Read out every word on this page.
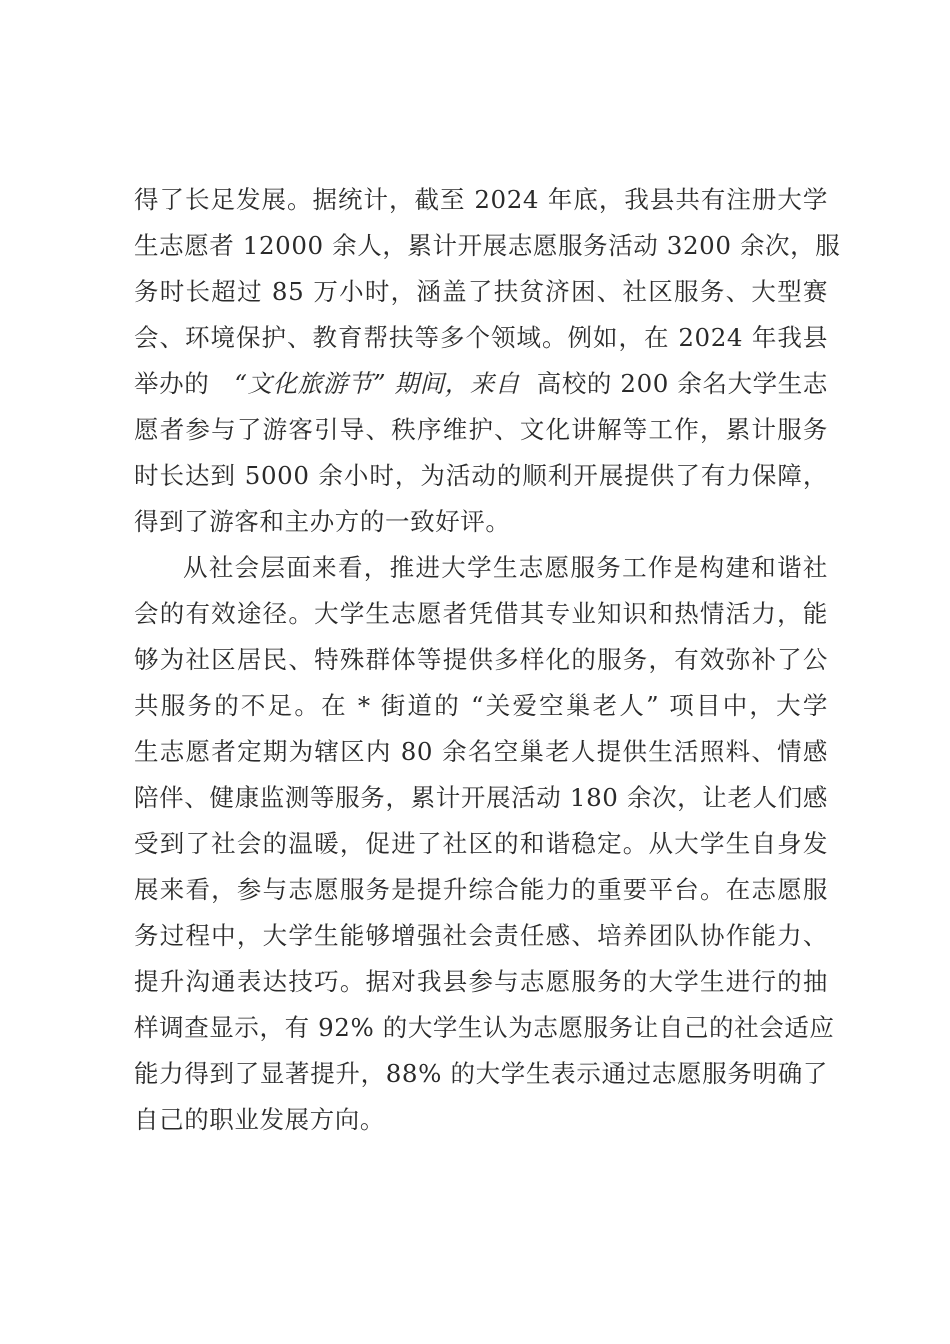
得了长足发展。据统计，截至 2024 年底，我县共有注册大学
生志愿者 12000 余人，累计开展志愿服务活动 3200 余次，服
务时长超过 85 万小时，涵盖了扶贫济困、社区服务、大型赛
会、环境保护、教育帮扶等多个领域。例如，在 2024 年我县
举办的 “文化旅游节” 期间，来自 高校的 200 余名大学生志
愿者参与了游客引导、秩序维护、文化讲解等工作，累计服务
时长达到 5000 余小时，为活动的顺利开展提供了有力保障，
得到了游客和主办方的一致好评。
从社会层面来看，推进大学生志愿服务工作是构建和谐社
会的有效途径。大学生志愿者凭借其专业知识和热情活力，能
够为社区居民、特殊群体等提供多样化的服务，有效弥补了公
共服务的不足。在 * 街道的 “关爱空巢老人” 项目中，大学
生志愿者定期为辖区内 80 余名空巢老人提供生活照料、情感
陪伴、健康监测等服务，累计开展活动 180 余次，让老人们感
受到了社会的温暖，促进了社区的和谐稳定。从大学生自身发
展来看，参与志愿服务是提升综合能力的重要平台。在志愿服
务过程中，大学生能够增强社会责任感、培养团队协作能力、
提升沟通表达技巧。据对我县参与志愿服务的大学生进行的抽
样调查显示，有 92% 的大学生认为志愿服务让自己的社会适应
能力得到了显著提升，88% 的大学生表示通过志愿服务明确了
自己的职业发展方向。
